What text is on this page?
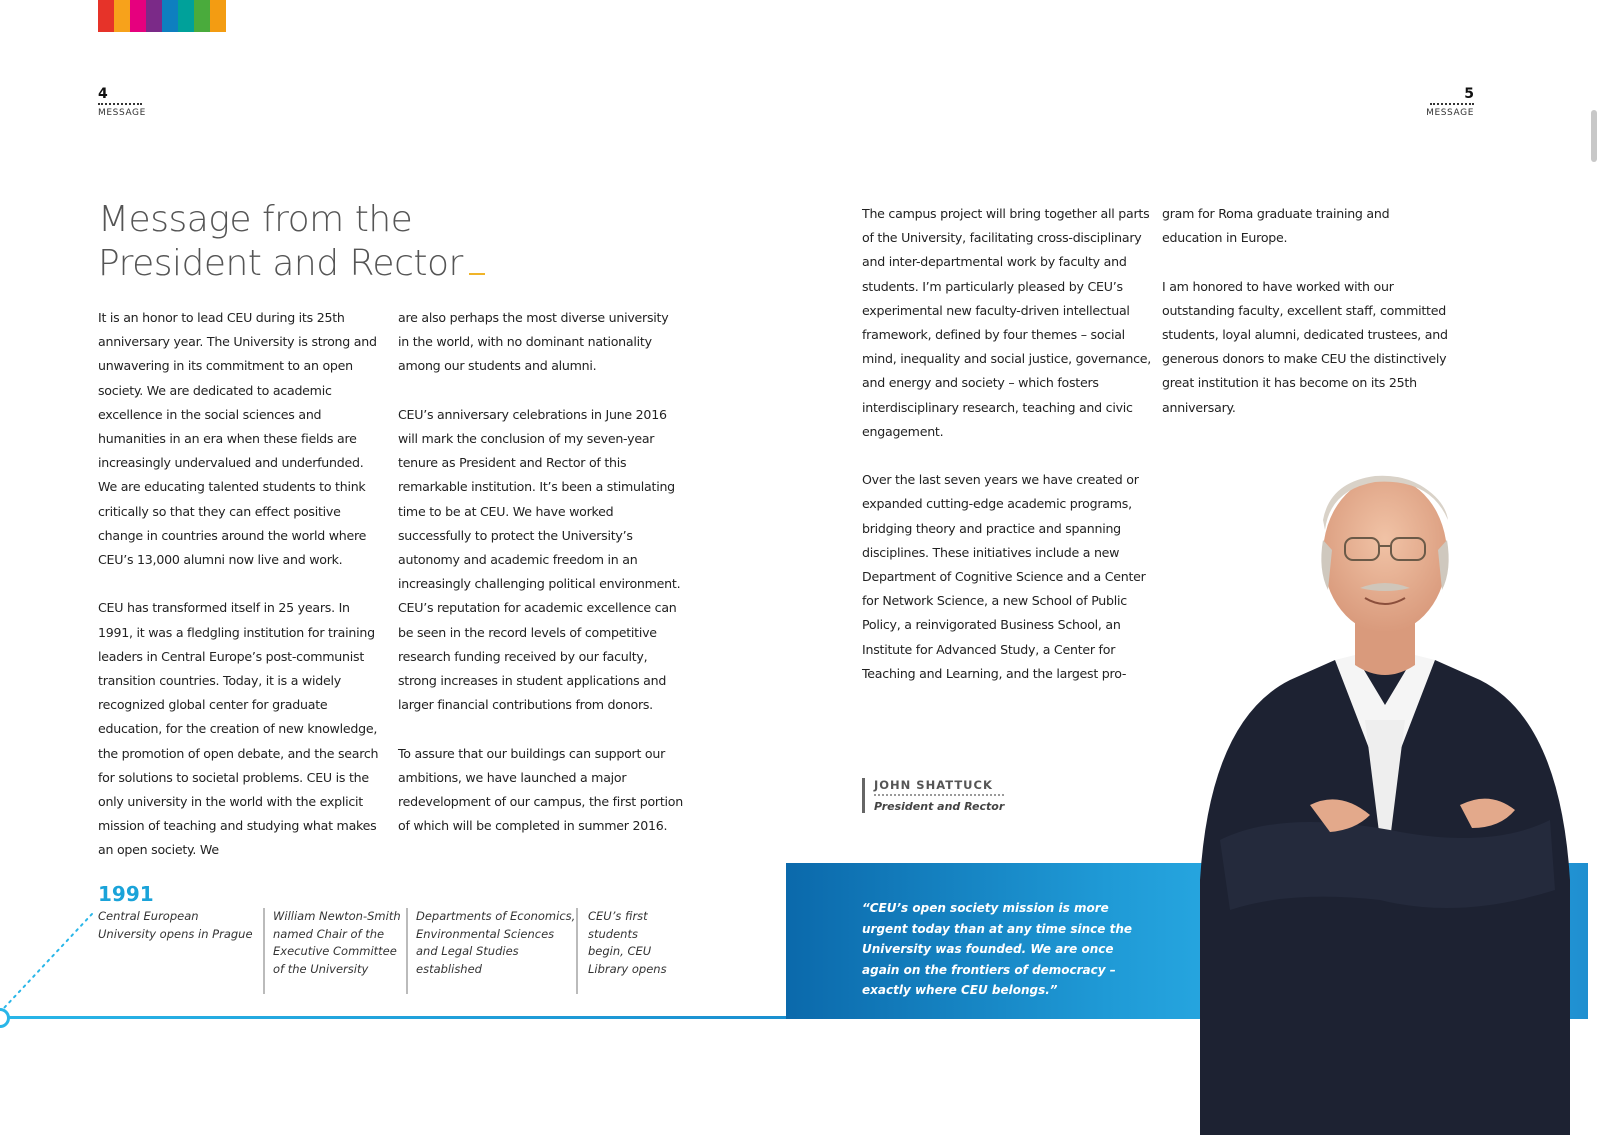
4
MESSAGE
5
MESSAGE
Message from the
President and Rector

It is an honor to lead CEU during its 25th anniversary year. The University is strong and unwavering in its commitment to an open society. We are dedicated to academic excellence in the social sciences and humanities in an era when these fields are increasingly undervalued and underfunded. We are educating talented students to think critically so that they can effect positive change in countries around the world where CEU’s 13,000 alumni now live and work.

CEU has transformed itself in 25 years. In 1991, it was a fledgling institution for training leaders in Central Europe’s post-communist transition countries. Today, it is a widely recognized global center for graduate education, for the creation of new knowledge, the promotion of open debate, and the search for solutions to societal problems. CEU is the only university in the world with the explicit mission of teaching and studying what makes an open society. We

are also perhaps the most diverse university in the world, with no dominant nationality among our students and alumni.

CEU’s anniversary celebrations in June 2016 will mark the conclusion of my seven-year tenure as President and Rector of this remarkable institution. It’s been a stimulating time to be at CEU. We have worked successfully to protect the University’s autonomy and academic freedom in an increasingly challenging political environment. CEU’s reputation for academic excellence can be seen in the record levels of competitive research funding received by our faculty, strong increases in student applications and larger financial contributions from donors.

To assure that our buildings can support our ambitions, we have launched a major redevelopment of our campus, the first portion of which will be completed in summer 2016.

The campus project will bring together all parts of the University, facilitating cross-disciplinary and inter-departmental work by faculty and students. I’m particularly pleased by CEU’s experimental new faculty-driven intellectual framework, defined by four themes – social mind, inequality and social justice, governance, and energy and society – which fosters interdisciplinary research, teaching and civic engagement.

Over the last seven years we have created or expanded cutting-edge academic programs, bridging theory and practice and spanning disciplines. These initiatives include a new Department of Cognitive Science and a Center for Network Science, a new School of Public Policy, a reinvigorated Business School, an Institute for Advanced Study, a Center for Teaching and Learning, and the largest pro-

gram for Roma graduate training and education in Europe.

I am honored to have worked with our outstanding faculty, excellent staff, committed students, loyal alumni, dedicated trustees, and generous donors to make CEU the distinctively great institution it has become on its 25th anniversary.

1991
Central European University opens in Prague
William Newton-Smith named Chair of the Executive Committee of the University
Departments of Economics, Environmental Sciences and Legal Studies established
CEU’s first students begin, CEU Library opens
“CEU’s open society mission is more urgent today than at any time since the University was founded. We are once again on the frontiers of democracy – exactly where CEU belongs.”
JOHN SHATTUCK
President and Rector
